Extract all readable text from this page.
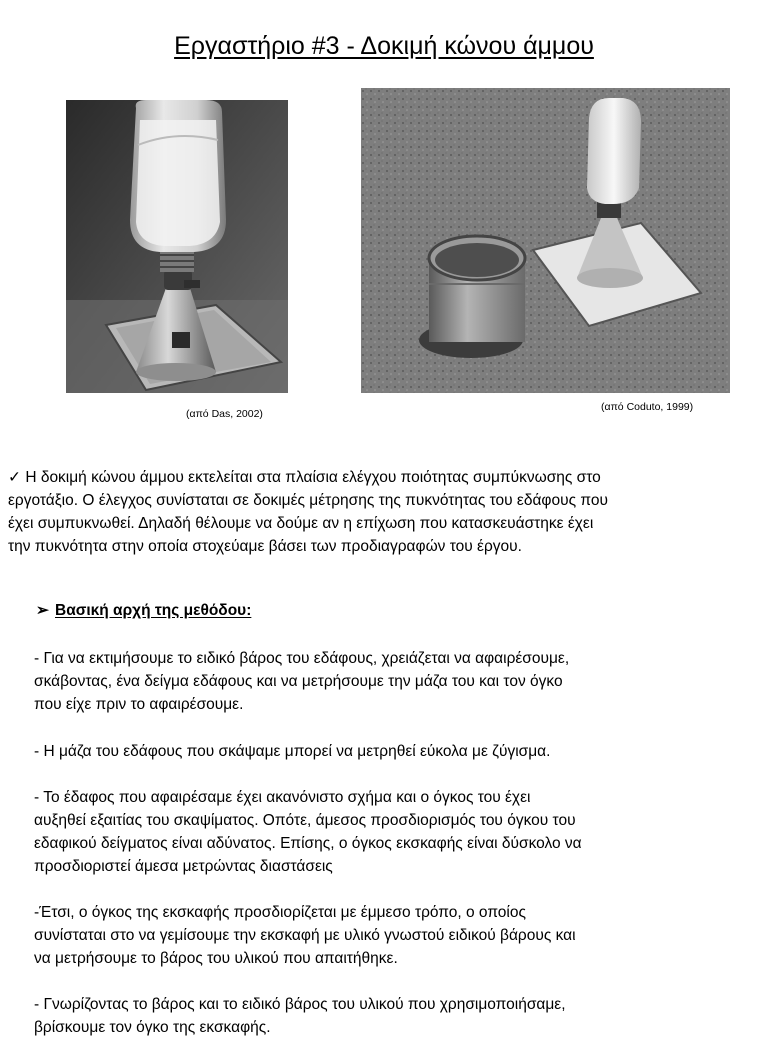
Εργαστήριο #3 - Δοκιμή κώνου άμμου
(από Das, 2002)
(από Coduto, 1999)
✓ Η δοκιμή κώνου άμμου εκτελείται στα πλαίσια ελέγχου ποιότητας συμπύκνωσης στο
εργοτάξιο. Ο έλεγχος συνίσταται σε δοκιμές μέτρησης της πυκνότητας του εδάφους που
έχει συμπυκνωθεί. Δηλαδή θέλουμε να δούμε αν η επίχωση που κατασκευάστηκε έχει
την πυκνότητα στην οποία στοχεύαμε βάσει των προδιαγραφών του έργου.
➢ Βασική αρχή της μεθόδου:
- Για να εκτιμήσουμε το ειδικό βάρος του εδάφους, χρειάζεται να αφαιρέσουμε,
σκάβοντας, ένα δείγμα εδάφους και να μετρήσουμε την μάζα του και τον όγκο
που είχε πριν το αφαιρέσουμε.
- Η μάζα του εδάφους που σκάψαμε μπορεί να μετρηθεί εύκολα με ζύγισμα.
- Το έδαφος που αφαιρέσαμε έχει ακανόνιστο σχήμα και ο όγκος του έχει
αυξηθεί εξαιτίας του σκαψίματος. Οπότε, άμεσος προσδιορισμός του όγκου του
εδαφικού δείγματος είναι αδύνατος. Επίσης, ο όγκος εκσκαφής είναι δύσκολο να
προσδιοριστεί άμεσα μετρώντας διαστάσεις
-Έτσι, ο όγκος της εκσκαφής προσδιορίζεται με έμμεσο τρόπο, ο οποίος
συνίσταται στο να γεμίσουμε την εκσκαφή με υλικό γνωστού ειδικού βάρους και
να μετρήσουμε το βάρος του υλικού που απαιτήθηκε.
- Γνωρίζοντας το βάρος και το ειδικό βάρος του υλικού που χρησιμοποιήσαμε,
βρίσκουμε τον όγκο της εκσκαφής.
